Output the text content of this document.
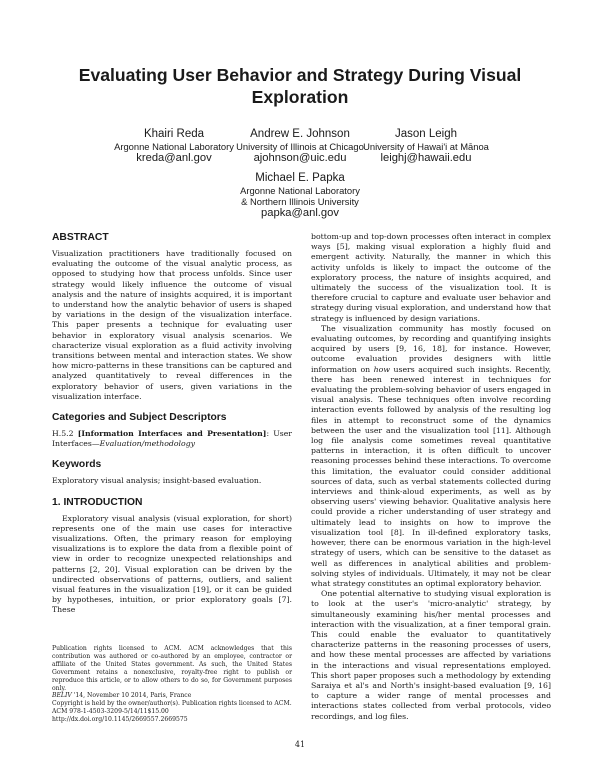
Evaluating User Behavior and Strategy During Visual Exploration
Khairi Reda
Argonne National Laboratory
kreda@anl.gov
Andrew E. Johnson
University of Illinois at Chicago
ajohnson@uic.edu
Jason Leigh
University of Hawai'i at Mānoa
leighj@hawaii.edu
Michael E. Papka
Argonne National Laboratory
& Northern Illinois University
papka@anl.gov
ABSTRACT

Visualization practitioners have traditionally focused on evaluating the outcome of the visual analytic process, as opposed to studying how that process unfolds. Since user strategy would likely influence the outcome of visual analysis and the nature of insights acquired, it is important to understand how the analytic behavior of users is shaped by variations in the design of the visualization interface. This paper presents a technique for evaluating user behavior in exploratory visual analysis scenarios. We characterize visual exploration as a fluid activity involving transitions between mental and interaction states. We show how micro-patterns in these transitions can be captured and analyzed quantitatively to reveal differences in the exploratory behavior of users, given variations in the visualization interface.

Categories and Subject Descriptors

H.5.2 [Information Interfaces and Presentation]: User Interfaces—Evaluation/methodology

Keywords

Exploratory visual analysis; insight-based evaluation.

1. INTRODUCTION

Exploratory visual analysis (visual exploration, for short) represents one of the main use cases for interactive visualizations. Often, the primary reason for employing visualizations is to explore the data from a flexible point of view in order to recognize unexpected relationships and patterns [2, 20]. Visual exploration can be driven by the undirected observations of patterns, outliers, and salient visual features in the visualization [19], or it can be guided by hypotheses, intuition, or prior exploratory goals [7]. These

Publication rights licensed to ACM. ACM acknowledges that this contribution was authored or co-authored by an employee, contractor or affiliate of the United States government. As such, the United States Government retains a nonexclusive, royalty-free right to publish or reproduce this article, or to allow others to do so, for Government purposes only.
BELIV '14, November 10 2014, Paris, France
Copyright is held by the owner/author(s). Publication rights licensed to ACM.
ACM 978-1-4503-3209-5/14/11$15.00
http://dx.doi.org/10.1145/2669557.2669575

bottom-up and top-down processes often interact in complex ways [5], making visual exploration a highly fluid and emergent activity. Naturally, the manner in which this activity unfolds is likely to impact the outcome of the exploratory process, the nature of insights acquired, and ultimately the success of the visualization tool. It is therefore crucial to capture and evaluate user behavior and strategy during visual exploration, and understand how that strategy is influenced by design variations.

The visualization community has mostly focused on evaluating outcomes, by recording and quantifying insights acquired by users [9, 16, 18], for instance. However, outcome evaluation provides designers with little information on how users acquired such insights. Recently, there has been renewed interest in techniques for evaluating the problem-solving behavior of users engaged in visual analysis. These techniques often involve recording interaction events followed by analysis of the resulting log files in attempt to reconstruct some of the dynamics between the user and the visualization tool [11]. Although log file analysis come sometimes reveal quantitative patterns in interaction, it is often difficult to uncover reasoning processes behind these interactions. To overcome this limitation, the evaluator could consider additional sources of data, such as verbal statements collected during interviews and think-aloud experiments, as well as by observing users' viewing behavior. Qualitative analysis here could provide a richer understanding of user strategy and ultimately lead to insights on how to improve the visualization tool [8]. In ill-defined exploratory tasks, however, there can be enormous variation in the high-level strategy of users, which can be sensitive to the dataset as well as differences in analytical abilities and problem-solving styles of individuals. Ultimately, it may not be clear what strategy constitutes an optimal exploratory behavior.

One potential alternative to studying visual exploration is to look at the user's 'micro-analytic' strategy, by simultaneously examining his/her mental processes and interaction with the visualization, at a finer temporal grain. This could enable the evaluator to quantitatively characterize patterns in the reasoning processes of users, and how these mental processes are affected by variations in the interactions and visual representations employed. This short paper proposes such a methodology by extending Saraiya et al's and North's insight-based evaluation [9, 16] to capture a wider range of mental processes and interactions states collected from verbal protocols, video recordings, and log files.

41
